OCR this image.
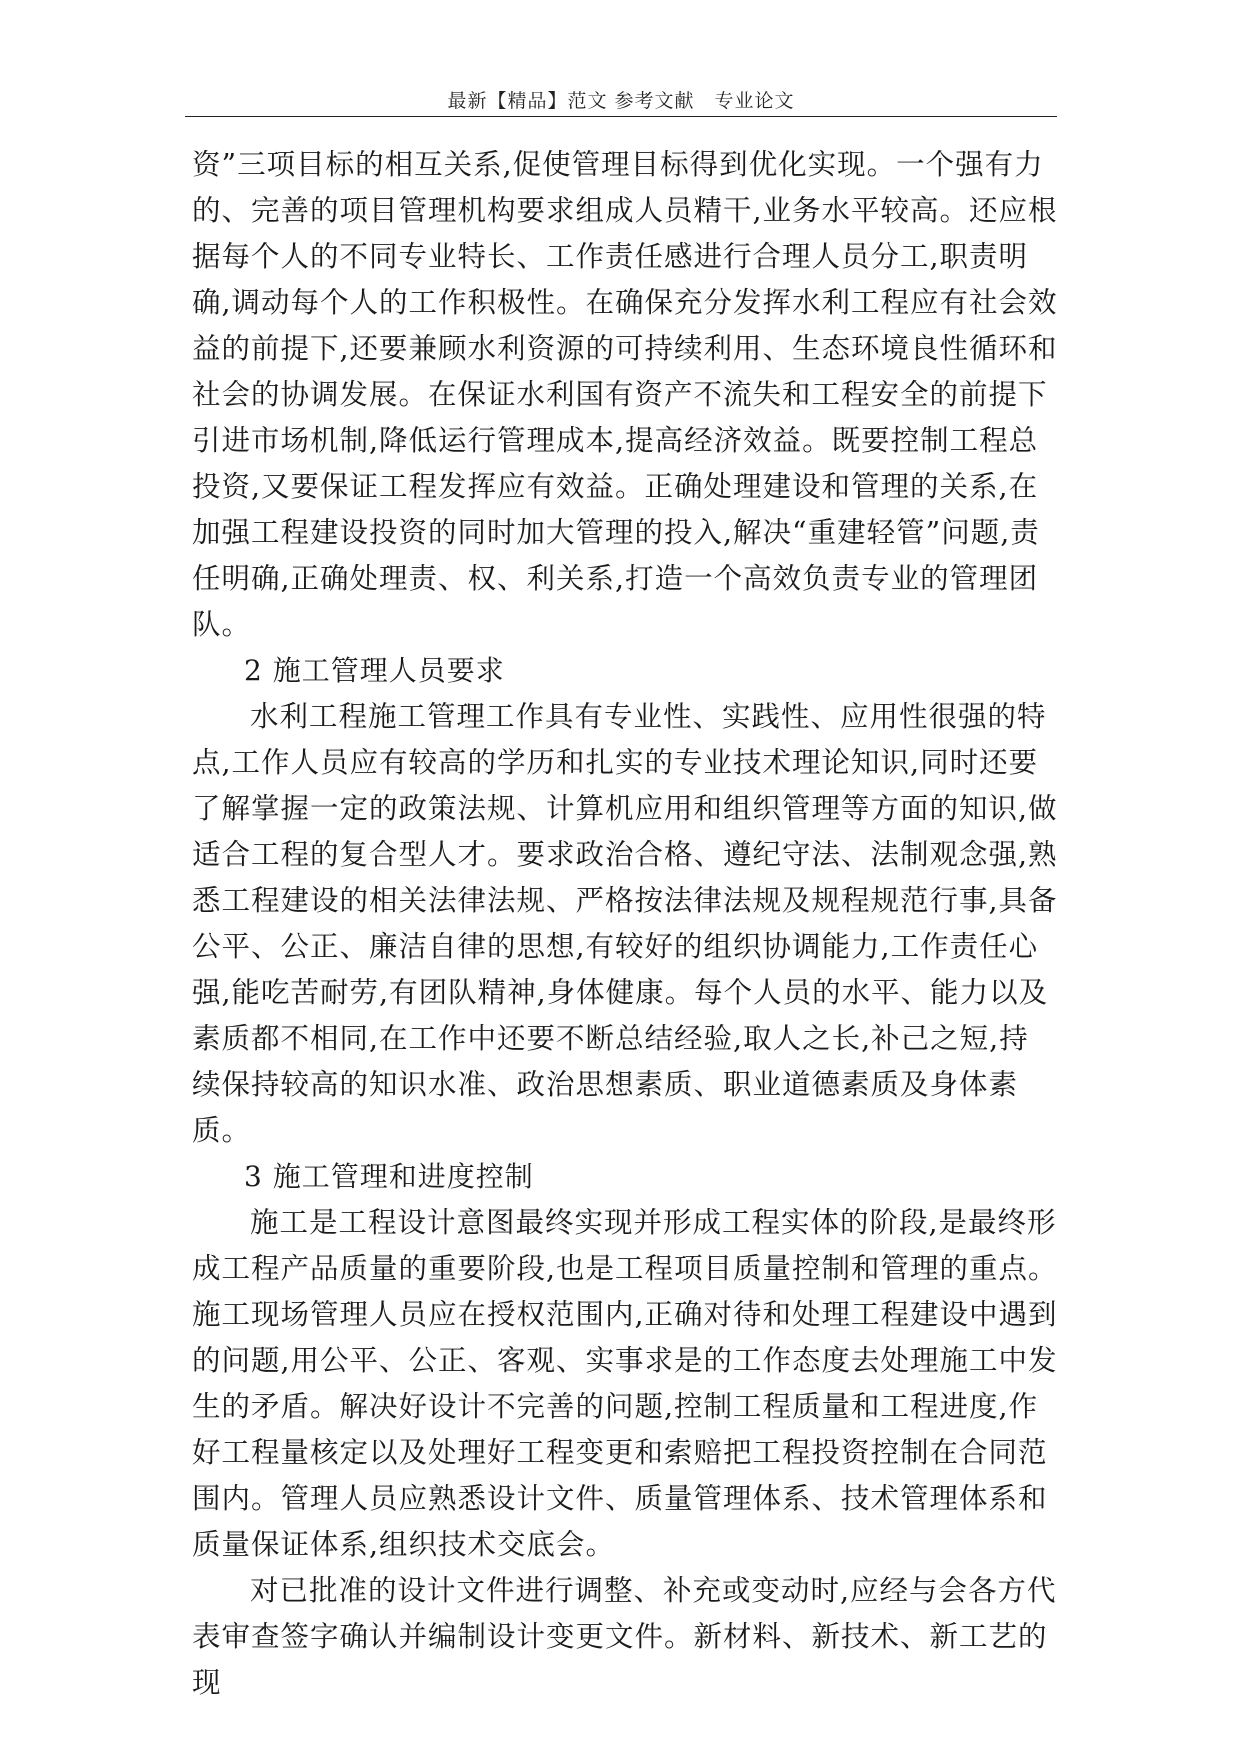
最新【精品】范文 参考文献　专业论文

资”三项目标的相互关系,促使管理目标得到优化实现。一个强有力的、完善的项目管理机构要求组成人员精干,业务水平较高。还应根据每个人的不同专业特长、工作责任感进行合理人员分工,职责明确,调动每个人的工作积极性。在确保充分发挥水利工程应有社会效益的前提下,还要兼顾水利资源的可持续利用、生态环境良性循环和社会的协调发展。在保证水利国有资产不流失和工程安全的前提下引进市场机制,降低运行管理成本,提高经济效益。既要控制工程总投资,又要保证工程发挥应有效益。正确处理建设和管理的关系,在加强工程建设投资的同时加大管理的投入,解决“重建轻管”问题,责任明确,正确处理责、权、利关系,打造一个高效负责专业的管理团队。

2 施工管理人员要求

水利工程施工管理工作具有专业性、实践性、应用性很强的特点,工作人员应有较高的学历和扎实的专业技术理论知识,同时还要了解掌握一定的政策法规、计算机应用和组织管理等方面的知识,做适合工程的复合型人才。要求政治合格、遵纪守法、法制观念强,熟悉工程建设的相关法律法规、严格按法律法规及规程规范行事,具备公平、公正、廉洁自律的思想,有较好的组织协调能力,工作责任心强,能吃苦耐劳,有团队精神,身体健康。每个人员的水平、能力以及素质都不相同,在工作中还要不断总结经验,取人之长,补己之短,持续保持较高的知识水准、政治思想素质、职业道德素质及身体素质。

3 施工管理和进度控制

施工是工程设计意图最终实现并形成工程实体的阶段,是最终形成工程产品质量的重要阶段,也是工程项目质量控制和管理的重点。施工现场管理人员应在授权范围内,正确对待和处理工程建设中遇到的问题,用公平、公正、客观、实事求是的工作态度去处理施工中发生的矛盾。解决好设计不完善的问题,控制工程质量和工程进度,作好工程量核定以及处理好工程变更和索赔把工程投资控制在合同范围内。管理人员应熟悉设计文件、质量管理体系、技术管理体系和质量保证体系,组织技术交底会。

对已批准的设计文件进行调整、补充或变动时,应经与会各方代表审查签字确认并编制设计变更文件。新材料、新技术、新工艺的现
